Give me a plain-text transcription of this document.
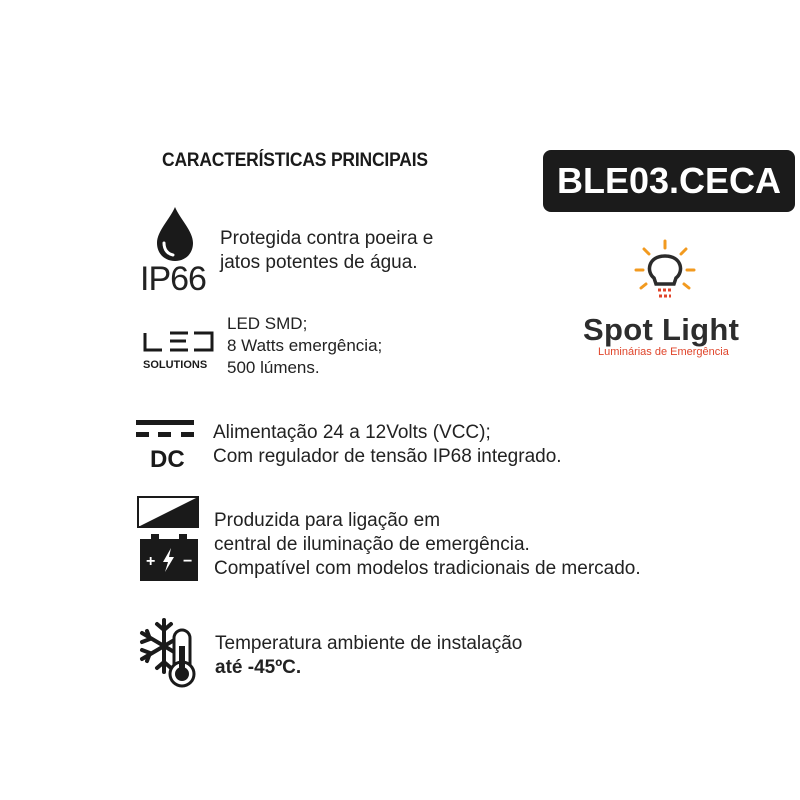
CARACTERÍSTICAS PRINCIPAIS	BLE03.CECA
Spot Light
Luminárias de Emergência
IP66
Protegida contra poeira e
jatos potentes de água.
SOLUTIONS
LED SMD;
8 Watts emergência;
500 lúmens.
DC
Alimentação 24 a 12Volts (VCC);
Com regulador de tensão IP68 integrado.
+ −
Produzida para ligação em
central de iluminação de emergência.
Compatível com modelos tradicionais de mercado.
Temperatura ambiente de instalação
até -45ºC.
